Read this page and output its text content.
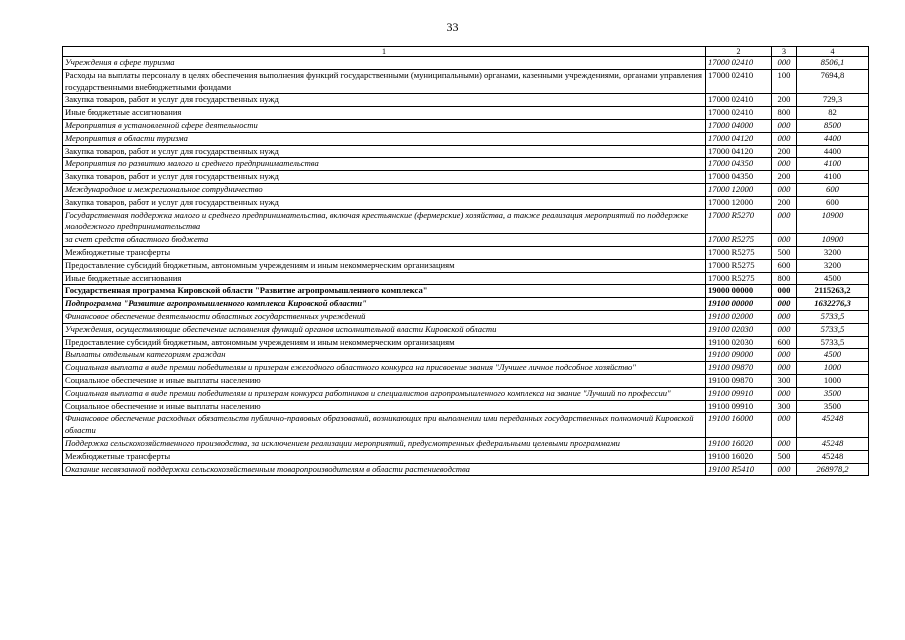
33
1	2	3	4
Учреждения в сфере туризма	17000 02410	000	8506,1
Расходы на выплаты персоналу в целях обеспечения выполнения функций государственными (муниципальными) органами, казенными учреждениями, органами управления государственными внебюджетными фондами	17000 02410	100	7694,8
Закупка товаров, работ и услуг для государственных нужд	17000 02410	200	729,3
Иные бюджетные ассигнования	17000 02410	800	82
Мероприятия в установленной сфере деятельности	17000 04000	000	8500
Мероприятия в области туризма	17000 04120	000	4400
Закупка товаров, работ и услуг для государственных нужд	17000 04120	200	4400
Мероприятия по развитию малого и среднего предпринимательства	17000 04350	000	4100
Закупка товаров, работ и услуг для государственных нужд	17000 04350	200	4100
Международное и межрегиональное сотрудничество	17000 12000	000	600
Закупка товаров, работ и услуг для государственных нужд	17000 12000	200	600
Государственная поддержка малого и среднего предпринимательства, включая крестьянские (фермерские) хозяйства, а также реализация мероприятий по поддержке молодежного предпринимательства	17000 R5270	000	10900
за счет средств областного бюджета	17000 R5275	000	10900
Межбюджетные трансферты	17000 R5275	500	3200
Предоставление субсидий бюджетным, автономным учреждениям и иным некоммерческим организациям	17000 R5275	600	3200
Иные бюджетные ассигнования	17000 R5275	800	4500
Государственная программа Кировской области "Развитие агропромышленного комплекса"	19000 00000	000	2115263,2
Подпрограмма "Развитие агропромышленного комплекса Кировской области"	19100 00000	000	1632276,3
Финансовое обеспечение деятельности областных государственных учреждений	19100 02000	000	5733,5
Учреждения, осуществляющие обеспечение исполнения функций органов исполнительной власти Кировской области	19100 02030	000	5733,5
Предоставление субсидий бюджетным, автономным учреждениям и иным некоммерческим организациям	19100 02030	600	5733,5
Выплаты отдельным категориям граждан	19100 09000	000	4500
Социальная выплата в виде премии победителям и призерам ежегодного областного конкурса на присвоение звания "Лучшее личное подсобное хозяйство"	19100 09870	000	1000
Социальное обеспечение и иные выплаты населению	19100 09870	300	1000
Социальная выплата в виде премии победителям и призерам конкурса работников и специалистов агропромышленного комплекса на звание "Лучший по профессии"	19100 09910	000	3500
Социальное обеспечение и иные выплаты населению	19100 09910	300	3500
Финансовое обеспечение расходных обязательств публично-правовых образований, возникающих при выполнении ими переданных государственных полномочий Кировской области	19100 16000	000	45248
Поддержка сельскохозяйственного производства, за исключением реализации мероприятий, предусмотренных федеральными целевыми программами	19100 16020	000	45248
Межбюджетные трансферты	19100 16020	500	45248
Оказание несвязанной поддержки сельскохозяйственным товаропроизводителям в области растениеводства	19100 R5410	000	268978,2
